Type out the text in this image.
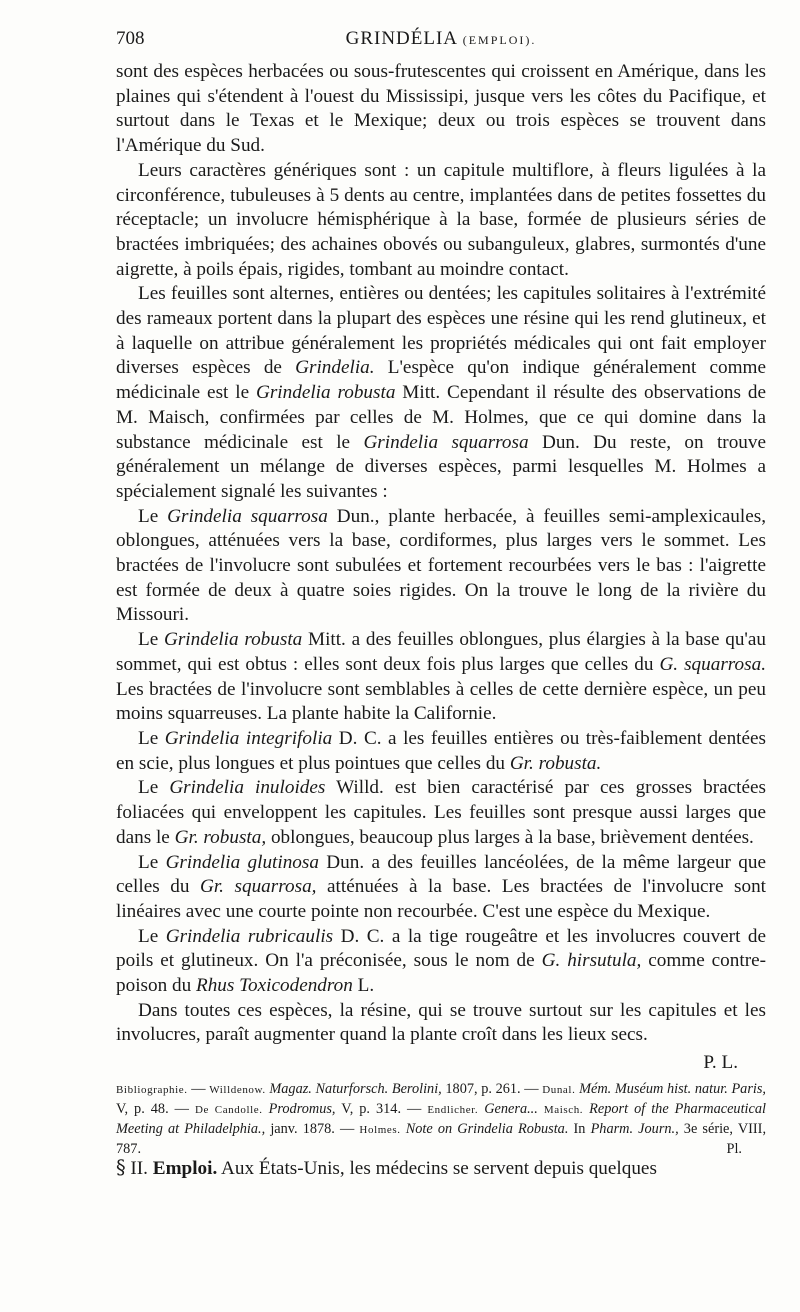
708	GRINDÉLIA (EMPLOI).

sont des espèces herbacées ou sous-frutescentes qui croissent en Amérique, dans les plaines qui s'étendent à l'ouest du Mississipi, jusque vers les côtes du Pacifique, et surtout dans le Texas et le Mexique; deux ou trois espèces se trouvent dans l'Amérique du Sud.

Leurs caractères génériques sont : un capitule multiflore, à fleurs ligulées à la circonférence, tubuleuses à 5 dents au centre, implantées dans de petites fossettes du réceptacle; un involucre hémisphérique à la base, formée de plusieurs séries de bractées imbriquées; des achaines obovés ou subanguleux, glabres, surmontés d'une aigrette, à poils épais, rigides, tombant au moindre contact.

Les feuilles sont alternes, entières ou dentées; les capitules solitaires à l'extrémité des rameaux portent dans la plupart des espèces une résine qui les rend glutineux, et à laquelle on attribue généralement les propriétés médicales qui ont fait employer diverses espèces de Grindelia. L'espèce qu'on indique généralement comme médicinale est le Grindelia robusta Mitt. Cependant il résulte des observations de M. Maisch, confirmées par celles de M. Holmes, que ce qui domine dans la substance médicinale est le Grindelia squarrosa Dun. Du reste, on trouve généralement un mélange de diverses espèces, parmi lesquelles M. Holmes a spécialement signalé les suivantes :

Le Grindelia squarrosa Dun., plante herbacée, à feuilles semi-amplexicaules, oblongues, atténuées vers la base, cordiformes, plus larges vers le sommet. Les bractées de l'involucre sont subulées et fortement recourbées vers le bas : l'aigrette est formée de deux à quatre soies rigides. On la trouve le long de la rivière du Missouri.

Le Grindelia robusta Mitt. a des feuilles oblongues, plus élargies à la base qu'au sommet, qui est obtus : elles sont deux fois plus larges que celles du G. squarrosa. Les bractées de l'involucre sont semblables à celles de cette dernière espèce, un peu moins squarreuses. La plante habite la Californie.

Le Grindelia integrifolia D. C. a les feuilles entières ou très-faiblement dentées en scie, plus longues et plus pointues que celles du Gr. robusta.

Le Grindelia inuloides Willd. est bien caractérisé par ces grosses bractées foliacées qui enveloppent les capitules. Les feuilles sont presque aussi larges que dans le Gr. robusta, oblongues, beaucoup plus larges à la base, brièvement dentées.

Le Grindelia glutinosa Dun. a des feuilles lancéolées, de la même largeur que celles du Gr. squarrosa, atténuées à la base. Les bractées de l'involucre sont linéaires avec une courte pointe non recourbée. C'est une espèce du Mexique.

Le Grindelia rubricaulis D. C. a la tige rougeâtre et les involucres couvert de poils et glutineux. On l'a préconisée, sous le nom de G. hirsutula, comme contre-poison du Rhus Toxicodendron L.

Dans toutes ces espèces, la résine, qui se trouve surtout sur les capitules et les involucres, paraît augmenter quand la plante croît dans les lieux secs.

P. L.

Bibliographie. — Willdenow. Magaz. Naturforsch. Berolini, 1807, p. 261. — Dunal. Mém. Muséum hist. natur. Paris, V, p. 48. — De Candolle. Prodromus, V, p. 314. — Endlicher. Genera... Maisch. Report of the Pharmaceutical Meeting at Philadelphia., janv. 1878. — Holmes. Note on Grindelia Robusta. In Pharm. Journ., 3e série, VIII, 787.	Pl.
§ II. Emploi. Aux États-Unis, les médecins se servent depuis quelques
